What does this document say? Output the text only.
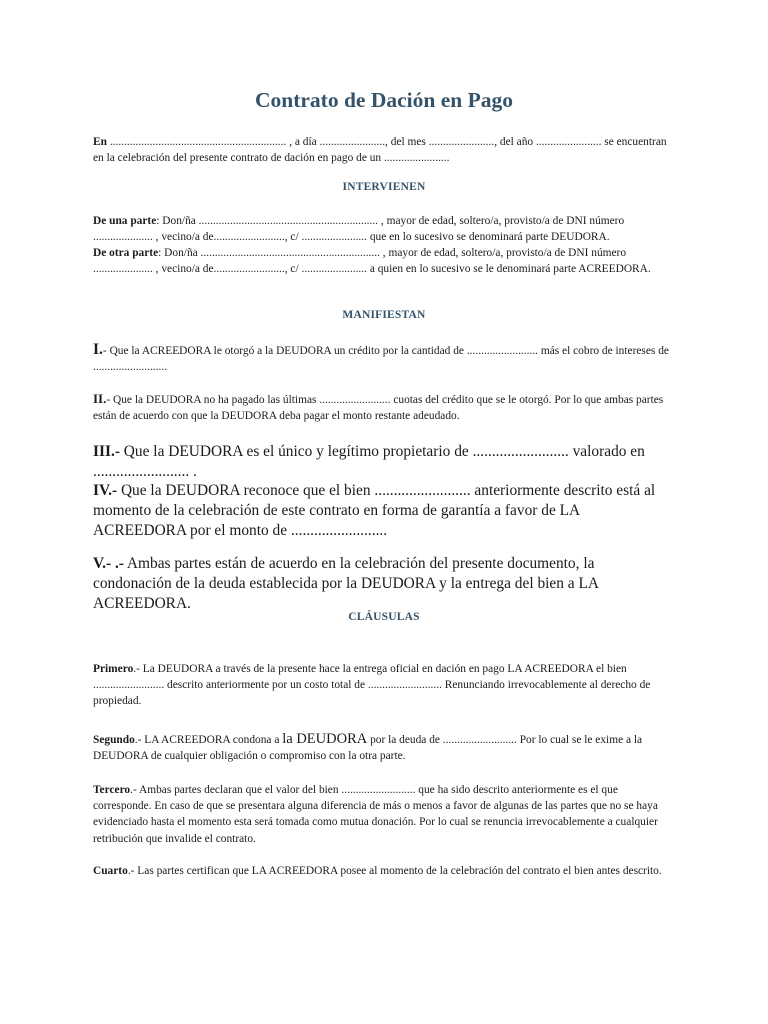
Contrato de Dación en Pago

En .............................................................. , a día ......................., del mes ......................., del año ....................... se encuentran en la celebración del presente contrato de dación en pago de un .......................

INTERVIENEN

De una parte: Don/ña ............................................................... , mayor de edad, soltero/a, provisto/a de DNI número ..................... , vecino/a de........................., c/ ....................... que en lo sucesivo se denominará parte DEUDORA.

De otra parte: Don/ña ............................................................... , mayor de edad, soltero/a, provisto/a de DNI número ..................... , vecino/a de........................., c/ ....................... a quien en lo sucesivo se le denominará parte ACREEDORA.

MANIFIESTAN

I.- Que la ACREEDORA le otorgó a la DEUDORA un crédito por la cantidad de ......................... más el cobro de intereses de ..........................

II.- Que la DEUDORA no ha pagado las últimas ......................... cuotas del crédito que se le otorgó. Por lo que ambas partes están de acuerdo con que la DEUDORA deba pagar el monto restante adeudado.

III.- Que la DEUDORA es el único y legítimo propietario de ......................... valorado en ......................... .

IV.- Que la DEUDORA reconoce que el bien ......................... anteriormente descrito está al momento de la celebración de este contrato en forma de garantía a favor de LA ACREEDORA por el monto de .........................

V.- .- Ambas partes están de acuerdo en la celebración del presente documento, la condonación de la deuda establecida por la DEUDORA y la entrega del bien a LA ACREEDORA.

CLÁUSULAS

Primero.- La DEUDORA a través de la presente hace la entrega oficial en dación en pago LA ACREEDORA el bien ......................... descrito anteriormente por un costo total de .......................... Renunciando irrevocablemente al derecho de propiedad.

Segundo.- LA ACREEDORA condona a la DEUDORA por la deuda de .......................... Por lo cual se le exime a la DEUDORA de cualquier obligación o compromiso con la otra parte.

Tercero.- Ambas partes declaran que el valor del bien .......................... que ha sido descrito anteriormente es el que corresponde. En caso de que se presentara alguna diferencia de más o menos a favor de algunas de las partes que no se haya evidenciado hasta el momento esta será tomada como mutua donación. Por lo cual se renuncia irrevocablemente a cualquier retribución que invalide el contrato.

Cuarto.- Las partes certifican que LA ACREEDORA posee al momento de la celebración del contrato el bien antes descrito.
